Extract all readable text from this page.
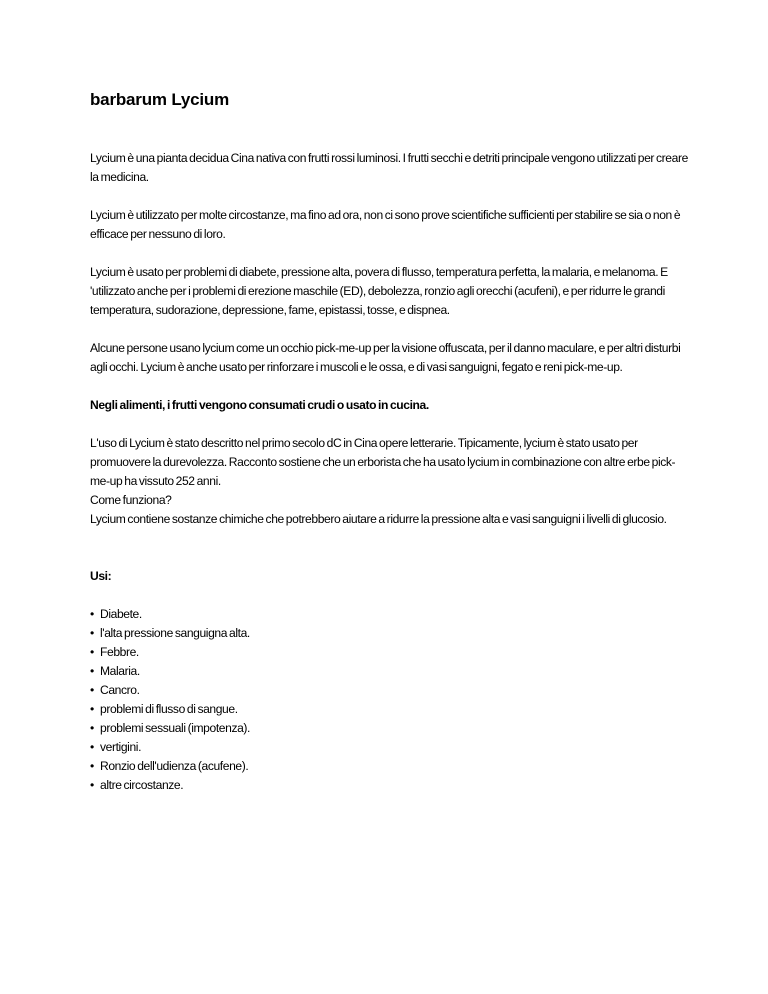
barbarum Lycium

Lycium è una pianta decidua Cina nativa con frutti rossi luminosi. I frutti secchi e detriti principale vengono utilizzati per creare la medicina.

Lycium è utilizzato per molte circostanze, ma fino ad ora, non ci sono prove scientifiche sufficienti per stabilire se sia o non è efficace per nessuno di loro.

Lycium è usato per problemi di diabete, pressione alta, povera di flusso, temperatura perfetta, la malaria, e melanoma. E 'utilizzato anche per i problemi di erezione maschile (ED), debolezza, ronzio agli orecchi (acufeni), e per ridurre le grandi temperatura, sudorazione, depressione, fame, epistassi, tosse, e dispnea.

Alcune persone usano lycium come un occhio pick-me-up per la visione offuscata, per il danno maculare, e per altri disturbi agli occhi. Lycium è anche usato per rinforzare i muscoli e le ossa, e di vasi sanguigni, fegato e reni pick-me-up.

Negli alimenti, i frutti vengono consumati crudi o usato in cucina.

L'uso di Lycium è stato descritto nel primo secolo dC in Cina opere letterarie. Tipicamente, lycium è stato usato per promuovere la durevolezza. Racconto sostiene che un erborista che ha usato lycium in combinazione con altre erbe pick-me-up ha vissuto 252 anni.

Come funziona?

Lycium contiene sostanze chimiche che potrebbero aiutare a ridurre la pressione alta e vasi sanguigni i livelli di glucosio.

Usi:

• Diabete.
• l'alta pressione sanguigna alta.
• Febbre.
• Malaria.
• Cancro.
• problemi di flusso di sangue.
• problemi sessuali (impotenza).
• vertigini.
• Ronzio dell'udienza (acufene).
• altre circostanze.
